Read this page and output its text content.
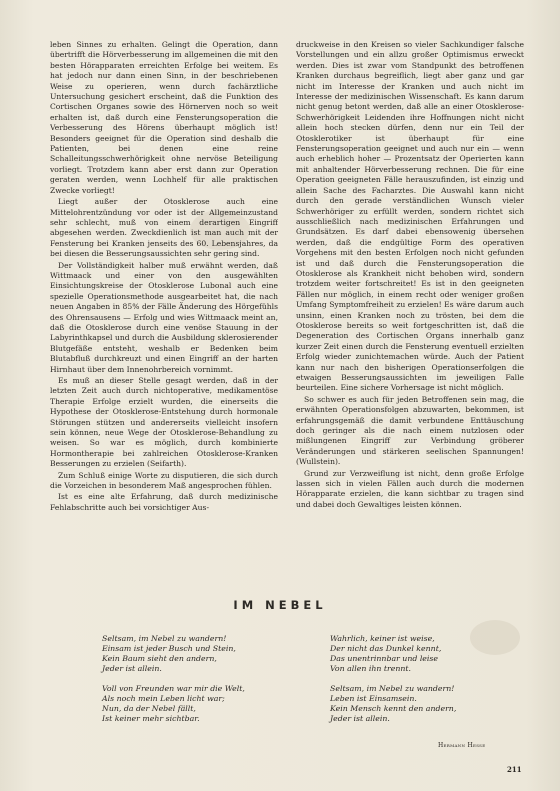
leben Sinnes zu erhalten. Gelingt die Operation, dann übertrifft die Hörverbesserung im allgemeinen die mit den besten Hörapparaten erreichten Erfolge bei weitem. Es hat jedoch nur dann einen Sinn, in der beschriebenen Weise zu operieren, wenn durch fachärztliche Untersuchung gesichert erscheint, daß die Funktion des Cortischen Organes sowie des Hörnerven noch so weit erhalten ist, daß durch eine Fensterungsoperation die Verbesserung des Hörens überhaupt möglich ist! Besonders geeignet für die Operation sind deshalb die Patienten, bei denen eine reine Schalleitungsschwerhörigkeit ohne nervöse Beteiligung vorliegt. Trotzdem kann aber erst dann zur Operation geraten werden, wenn Lochhelf für alle praktischen Zwecke vorliegt!

Liegt außer der Otosklerose auch eine Mittelohrentzündung vor oder ist der Allgemeinzustand sehr schlecht, muß von einem derartigen Eingriff abgesehen werden. Zweckdienlich ist man auch mit der Fensterung bei Kranken jenseits des 60. Lebensjahres, da bei diesen die Besserungsaussichten sehr gering sind.

Der Vollständigkeit halber muß erwähnt werden, daß Wittmaack und einer von den ausgewählten Einsichtungskreise der Otosklerose Lubonal auch eine spezielle Operationsmethode ausgearbeitet hat, die nach neuen Angaben in 85% der Fälle Änderung des Hörgefühls des Ohrensausens — Erfolg und wies Wittmaack meint an, daß die Otosklerose durch eine venöse Stauung in der Labyrinthkapsel und durch die Ausbildung sklerosierender Blutgefäße entsteht, weshalb er Bedenken beim Blutabfluß durchkreuzt und einen Eingriff an der harten Hirnhaut über dem Innenohrbereich vornimmt.

Es muß an dieser Stelle gesagt werden, daß in der letzten Zeit auch durch nichtoperative, medikamentöse Therapie Erfolge erzielt wurden, die einerseits die Hypothese der Otosklerose-Entstehung durch hormonale Störungen stützen und andererseits vielleicht insofern sein können, neue Wege der Otosklerose-Behandlung zu weisen. So war es möglich, durch kombinierte Hormontherapie bei zahlreichen Otosklerose-Kranken Besserungen zu erzielen (Seifarth).

Zum Schluß einige Worte zu disputieren, die sich durch die Vorzeichen in besonderem Maß angesprochen fühlen.

Ist es eine alte Erfahrung, daß durch medizinische Fehlabschritte auch bei vorsichtiger Aus-

druckweise in den Kreisen so vieler Sachkundiger falsche Vorstellungen und ein allzu großer Optimismus erweckt werden. Dies ist zwar vom Standpunkt des betroffenen Kranken durchaus begreiflich, liegt aber ganz und gar nicht im Interesse der Kranken und auch nicht im Interesse der medizinischen Wissenschaft. Es kann darum nicht genug betont werden, daß alle an einer Otosklerose-Schwerhörigkeit Leidenden ihre Hoffnungen nicht nicht allein hoch stecken dürfen, denn nur ein Teil der Otosklerotiker ist überhaupt für eine Fensterungsoperation geeignet und auch nur ein — wenn auch erheblich hoher — Prozentsatz der Operierten kann mit anhaltender Hörverbesserung rechnen. Die für eine Operation geeigneten Fälle herauszufinden, ist einzig und allein Sache des Facharztes. Die Auswahl kann nicht durch den gerade verständlichen Wunsch vieler Schwerhöriger zu erfüllt werden, sondern richtet sich ausschließlich nach medizinischen Erfahrungen und Grundsätzen. Es darf dabei ebensowenig übersehen werden, daß die endgültige Form des operativen Vorgehens mit den besten Erfolgen noch nicht gefunden ist und daß durch die Fensterungsoperation die Otosklerose als Krankheit nicht behoben wird, sondern trotzdem weiter fortschreitet! Es ist in den geeigneten Fällen nur möglich, in einem recht oder weniger großen Umfang Symptomfreiheit zu erzielen! Es wäre darum auch unsinn, einen Kranken noch zu trösten, bei dem die Otosklerose bereits so weit fortgeschritten ist, daß die Degeneration des Cortischen Organs innerhalb ganz kurzer Zeit einen durch die Fensterung eventuell erzielten Erfolg wieder zunichtemachen würde. Auch der Patient kann nur nach den bisherigen Operationserfolgen die etwaigen Besserungsaussichten im jeweiligen Falle beurteilen. Eine sichere Vorhersage ist nicht möglich.

So schwer es auch für jeden Betroffenen sein mag, die erwähnten Operationsfolgen abzuwarten, bekommen, ist erfahrungsgemäß die damit verbundene Enttäuschung doch geringer als die nach einem nutzlosen oder mißlungenen Eingriff zur Verbindung gröberer Veränderungen und stärkeren seelischen Spannungen! (Wullstein).

Grund zur Verzweiflung ist nicht, denn große Erfolge lassen sich in vielen Fällen auch durch die modernen Hörapparate erzielen, die kann sichtbar zu tragen sind und dabei doch Gewaltiges leisten können.

IM NEBEL
Seltsam, im Nebel zu wandern!
Einsam ist jeder Busch und Stein,
Kein Baum sieht den andern,
Jeder ist allein.
Voll von Freunden war mir die Welt,
Als noch mein Leben licht war;
Nun, da der Nebel fällt,
Ist keiner mehr sichtbar.
Wahrlich, keiner ist weise,
Der nicht das Dunkel kennt,
Das unentrinnbar und leise
Von allen ihn trennt.
Seltsam, im Nebel zu wandern!
Leben ist Einsamsein.
Kein Mensch kennt den andern,
Jeder ist allein.
Hermann Hesse
211
